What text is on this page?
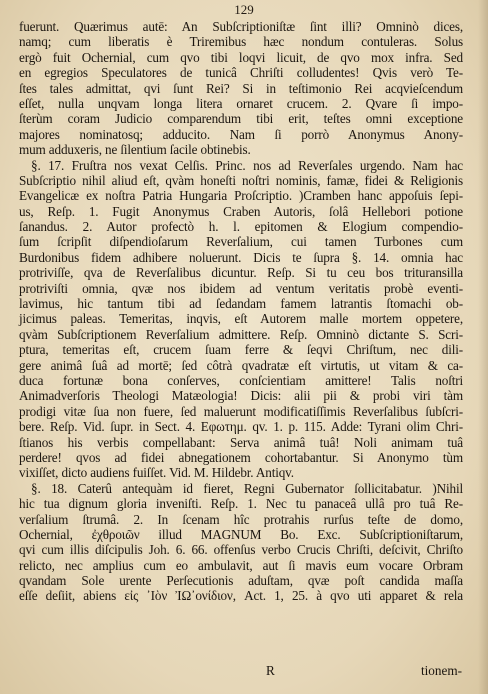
129
fuerunt. Quærimus autē: An Subſcriptioniſtæ ſint illi? Omninò dices,
namq; cum liberatis è Triremibus hæc nondum contuleras. Solus
ergò fuit Ochernial, cum qvo tibi loqvi licuit, de qvo mox infra. Sed
en egregios Speculatores de tunicâ Chriſti colludentes! Qvis verò Te-
ſtes tales admittat, qvi ſunt Rei? Si in teſtimonio Rei acqvieſcendum
eſſet, nulla unqvam longa litera ornaret crucem. 2. Qvare ſi impo-
ſterùm coram Judicio comparendum tibi erit, teſtes omni exceptione
majores nominatosq; adducito. Nam ſi porrò Anonymus Anony-
mum adduxeris, ne ſilentium ſacile obtinebis.
§. 17. Fruſtra nos vexat Celſis. Princ. nos ad Reverſales urgendo. Nam hac
Subſcriptio nihil aliud eſt, qvàm honeſti noſtri nominis, famæ, fidei & Religionis
Evangelicæ ex noſtra Patria Hungaria Proſcriptio. )Cramben hanc appoſuis ſepi-
us, Reſp. 1. Fugit Anonymus Craben Autoris, ſolâ Hellebori potione
ſanandus. 2. Autor profectò h. l. epitomen & Elogium compendio-
ſum ſcripſit diſpendioſarum Reverſalium, cui tamen Turbones cum
Burdonibus fidem adhibere noluerunt. Dicis te ſupra §. 14. omnia hac
protriviſſe, qva de Reverſalibus dicuntur. Reſp. Si tu ceu bos trituransilla
protriviſti omnia, qvæ nos ibidem ad ventum veritatis probè eventi-
lavimus, hic tantum tibi ad ſedandam famem latrantis ſtomachi ob-
jicimus paleas. Temeritas, inqvis, eſt Autorem malle mortem oppetere,
qvàm Subſcriptionem Reverſalium admittere. Reſp. Omninò dictante S. Scri-
ptura, temeritas eſt, crucem ſuam ferre & ſeqvi Chriſtum, nec dili-
gere animâ ſuâ ad mortē; ſed côtrà qvadratæ eſt virtutis, ut vitam & ca-
duca fortunæ bona conſerves, conſcientiam amittere! Talis noſtri
Animadverſoris Theologi Matæologia! Dicis: alii pii & probi viri tàm
prodigi vitæ ſua non fuere, ſed maluerunt modificatiſſimis Reverſalibus ſubſcri-
bere. Reſp. Vid. ſupr. in Sect. 4. Εφωτημ. qv. 1. p. 115. Adde: Tyrani olim Chri-
ſtianos his verbis compellabant: Serva animâ tuâ! Noli animam tuâ
perdere! qvos ad fidei abnegationem cohortabantur. Si Anonymo tùm
vixiſſet, dicto audiens fuiſſet. Vid. M. Hildebr. Antiqv.
§. 18. Caterû antequàm id fieret, Regni Gubernator ſollicitabatur. )Nihil
hic tua dignum gloria inveniſti. Reſp. 1. Nec tu panaceâ ullâ pro tuâ Re-
verſalium ſtrumâ. 2. In ſcenam hîc protrahis rurſus teſte de domo,
Ochernial, ἐχθροιῶν illud MAGNUM Bo. Exc. Subſcriptioniſtarum,
qvi cum illis diſcipulis Joh. 6. 66. offenſus verbo Crucis Chriſti, deſcivit, Chriſto
relicto, nec amplius cum eo ambulavit, aut ſi mavis eum vocare Orbram
qvandam Sole urente Perſecutionis aduſtam, qvæ poſt candida maſſa
eſſe deſiit, abiens εἰς ᾿Ιὸν ἸΩ᾿ονίδιον, Act. 1, 25. à qvo uti apparet & rela
R	tionem-
